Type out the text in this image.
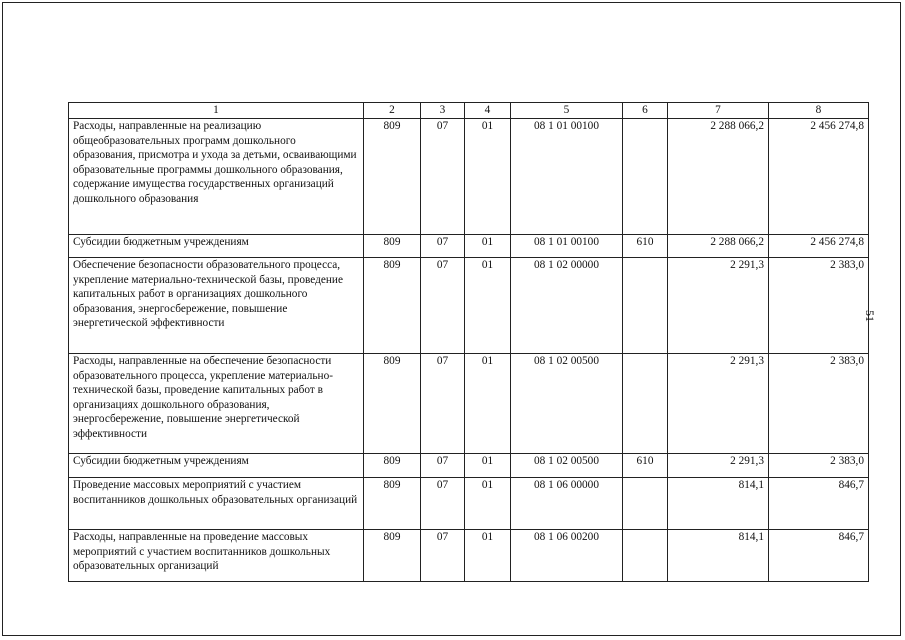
1	2	3	4	5	6	7	8
Расходы, направленные на реализацию общеобразовательных программ дошкольного образования, присмотра и ухода за детьми, осваивающими образовательные программы дошкольного образования, содержание имущества государственных организаций дошкольного образования	809	07	01	08 1 01 00100		2 288 066,2	2 456 274,8
Субсидии бюджетным учреждениям	809	07	01	08 1 01 00100	610	2 288 066,2	2 456 274,8
Обеспечение безопасности образовательного процесса, укрепление материально-технической базы, проведение капитальных работ в организациях дошкольного образования, энергосбережение, повышение энергетической эффективности	809	07	01	08 1 02 00000		2 291,3	2 383,0
Расходы, направленные на обеспечение безопасности образовательного процесса, укрепление материально-технической базы, проведение капитальных работ в организациях дошкольного образования, энергосбережение, повышение энергетической эффективности	809	07	01	08 1 02 00500		2 291,3	2 383,0
Субсидии бюджетным учреждениям	809	07	01	08 1 02 00500	610	2 291,3	2 383,0
Проведение массовых мероприятий с участием воспитанников дошкольных образовательных организаций	809	07	01	08 1 06 00000		814,1	846,7
Расходы, направленные на проведение массовых мероприятий с участием воспитанников дошкольных образовательных организаций	809	07	01	08 1 06 00200		814,1	846,7
51
